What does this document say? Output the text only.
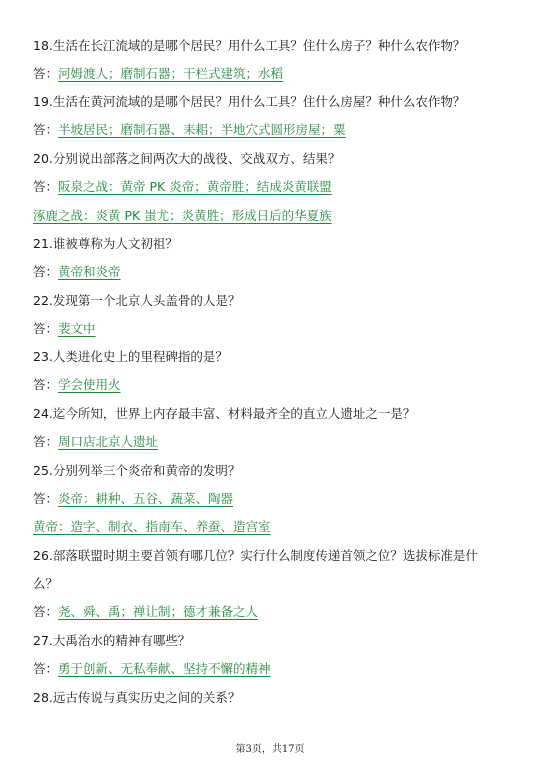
18.生活在长江流域的是哪个居民？用什么工具？住什么房子？种什么农作物？
答：河姆渡人；磨制石器；干栏式建筑；水稻
19.生活在黄河流域的是哪个居民？用什么工具？住什么房屋？种什么农作物？
答：半坡居民；磨制石器、耒耜；半地穴式圆形房屋；粟
20.分别说出部落之间两次大的战役、交战双方、结果？
答：阪泉之战：黄帝 PK 炎帝；黄帝胜；结成炎黄联盟
涿鹿之战：炎黄 PK 蚩尤；炎黄胜；形成日后的华夏族
21.谁被尊称为人文初祖？
答：黄帝和炎帝
22.发现第一个北京人头盖骨的人是？
答：裴文中
23.人类进化史上的里程碑指的是？
答：学会使用火
24.迄今所知，世界上内存最丰富、材料最齐全的直立人遗址之一是？
答：周口店北京人遗址
25.分别列举三个炎帝和黄帝的发明？
答：炎帝：耕种、五谷、蔬菜、陶器
黄帝：造字、制衣、指南车、养蚕、造宫室
26.部落联盟时期主要首领有哪几位？实行什么制度传递首领之位？选拔标准是什
么？
答：尧、舜、禹；禅让制；德才兼备之人
27.大禹治水的精神有哪些？
答：勇于创新、无私奉献、坚持不懈的精神
28.远古传说与真实历史之间的关系？
第3页，共17页
